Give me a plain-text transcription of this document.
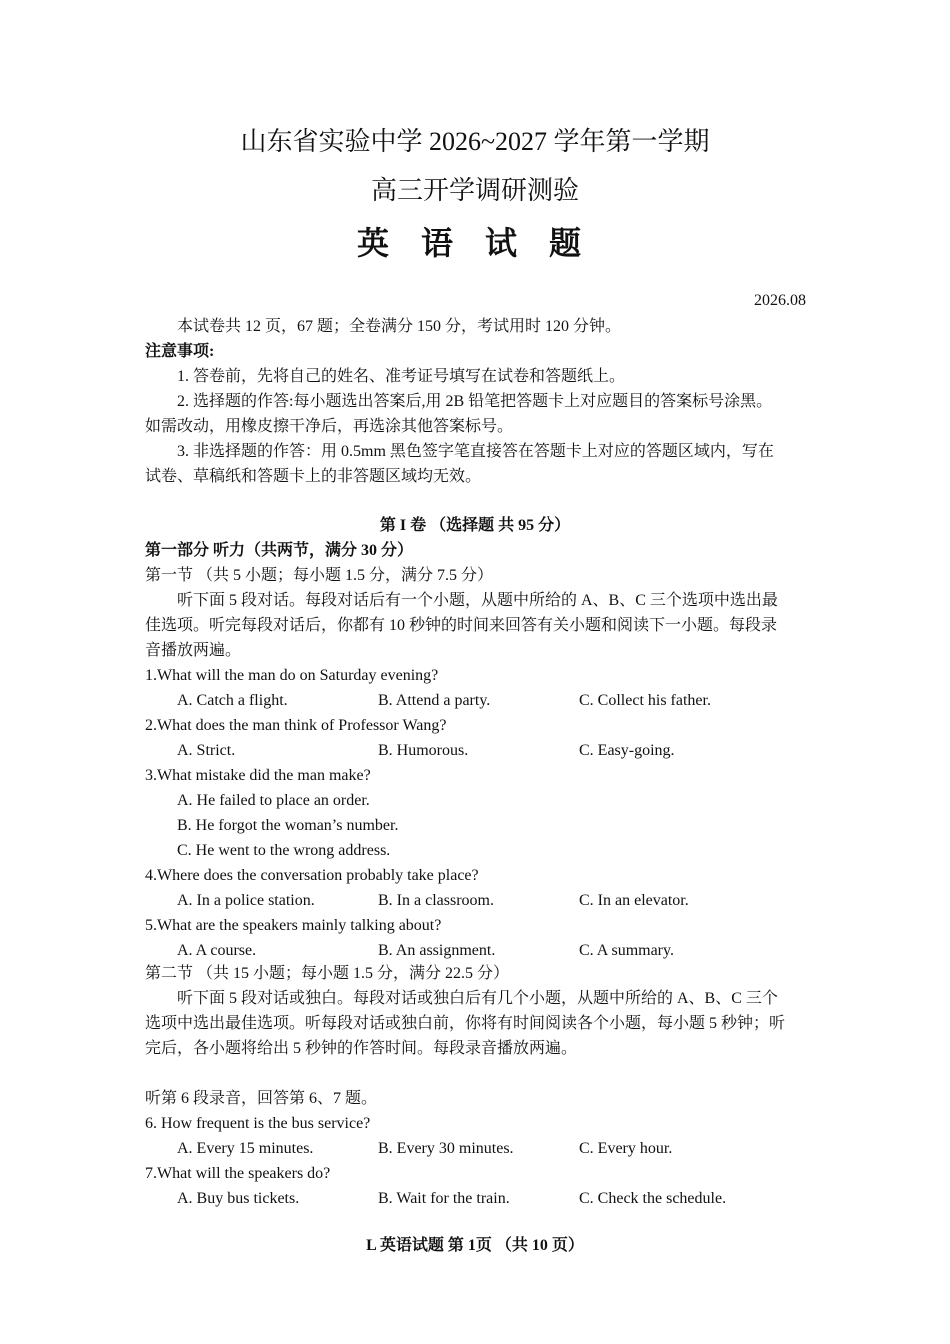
山东省实验中学 2026~2027 学年第一学期
高三开学调研测验
英 语 试 题
2026.08
本试卷共 12 页，67 题；全卷满分 150 分，考试用时 120 分钟。
注意事项:
1. 答卷前，先将自己的姓名、准考证号填写在试卷和答题纸上。
2. 选择题的作答:每小题选出答案后,用 2B 铅笔把答题卡上对应题目的答案标号涂黑。
如需改动，用橡皮擦干净后，再选涂其他答案标号。
3. 非选择题的作答：用 0.5mm 黑色签字笔直接答在答题卡上对应的答题区域内，写在
试卷、草稿纸和答题卡上的非答题区域均无效。
第 I 卷 （选择题 共 95 分）
第一部分 听力（共两节，满分 30 分）
第一节 （共 5 小题；每小题 1.5 分，满分 7.5 分）
听下面 5 段对话。每段对话后有一个小题，从题中所给的 A、B、C 三个选项中选出最
佳选项。听完每段对话后，你都有 10 秒钟的时间来回答有关小题和阅读下一小题。每段录
音播放两遍。
1.What will the man do on Saturday evening?
A. Catch a flight.	B. Attend a party.	C. Collect his father.
2.What does the man think of Professor Wang?
A. Strict.	B. Humorous.	C. Easy-going.
3.What mistake did the man make?
A. He failed to place an order.
B. He forgot the woman’s number.
C. He went to the wrong address.
4.Where does the conversation probably take place?
A. In a police station.	B. In a classroom.	C. In an elevator.
5.What are the speakers mainly talking about?
A. A course.	B. An assignment.	C. A summary.
第二节 （共 15 小题；每小题 1.5 分，满分 22.5 分）
听下面 5 段对话或独白。每段对话或独白后有几个小题，从题中所给的 A、B、C 三个
选项中选出最佳选项。听每段对话或独白前，你将有时间阅读各个小题，每小题 5 秒钟；听
完后，各小题将给出 5 秒钟的作答时间。每段录音播放两遍。
听第 6 段录音，回答第 6、7 题。
6. How frequent is the bus service?
A. Every 15 minutes.	B. Every 30 minutes.	C. Every hour.
7.What will the speakers do?
A. Buy bus tickets.	B. Wait for the train.	C. Check the schedule.
L 英语试题 第 1页 （共 10 页）
